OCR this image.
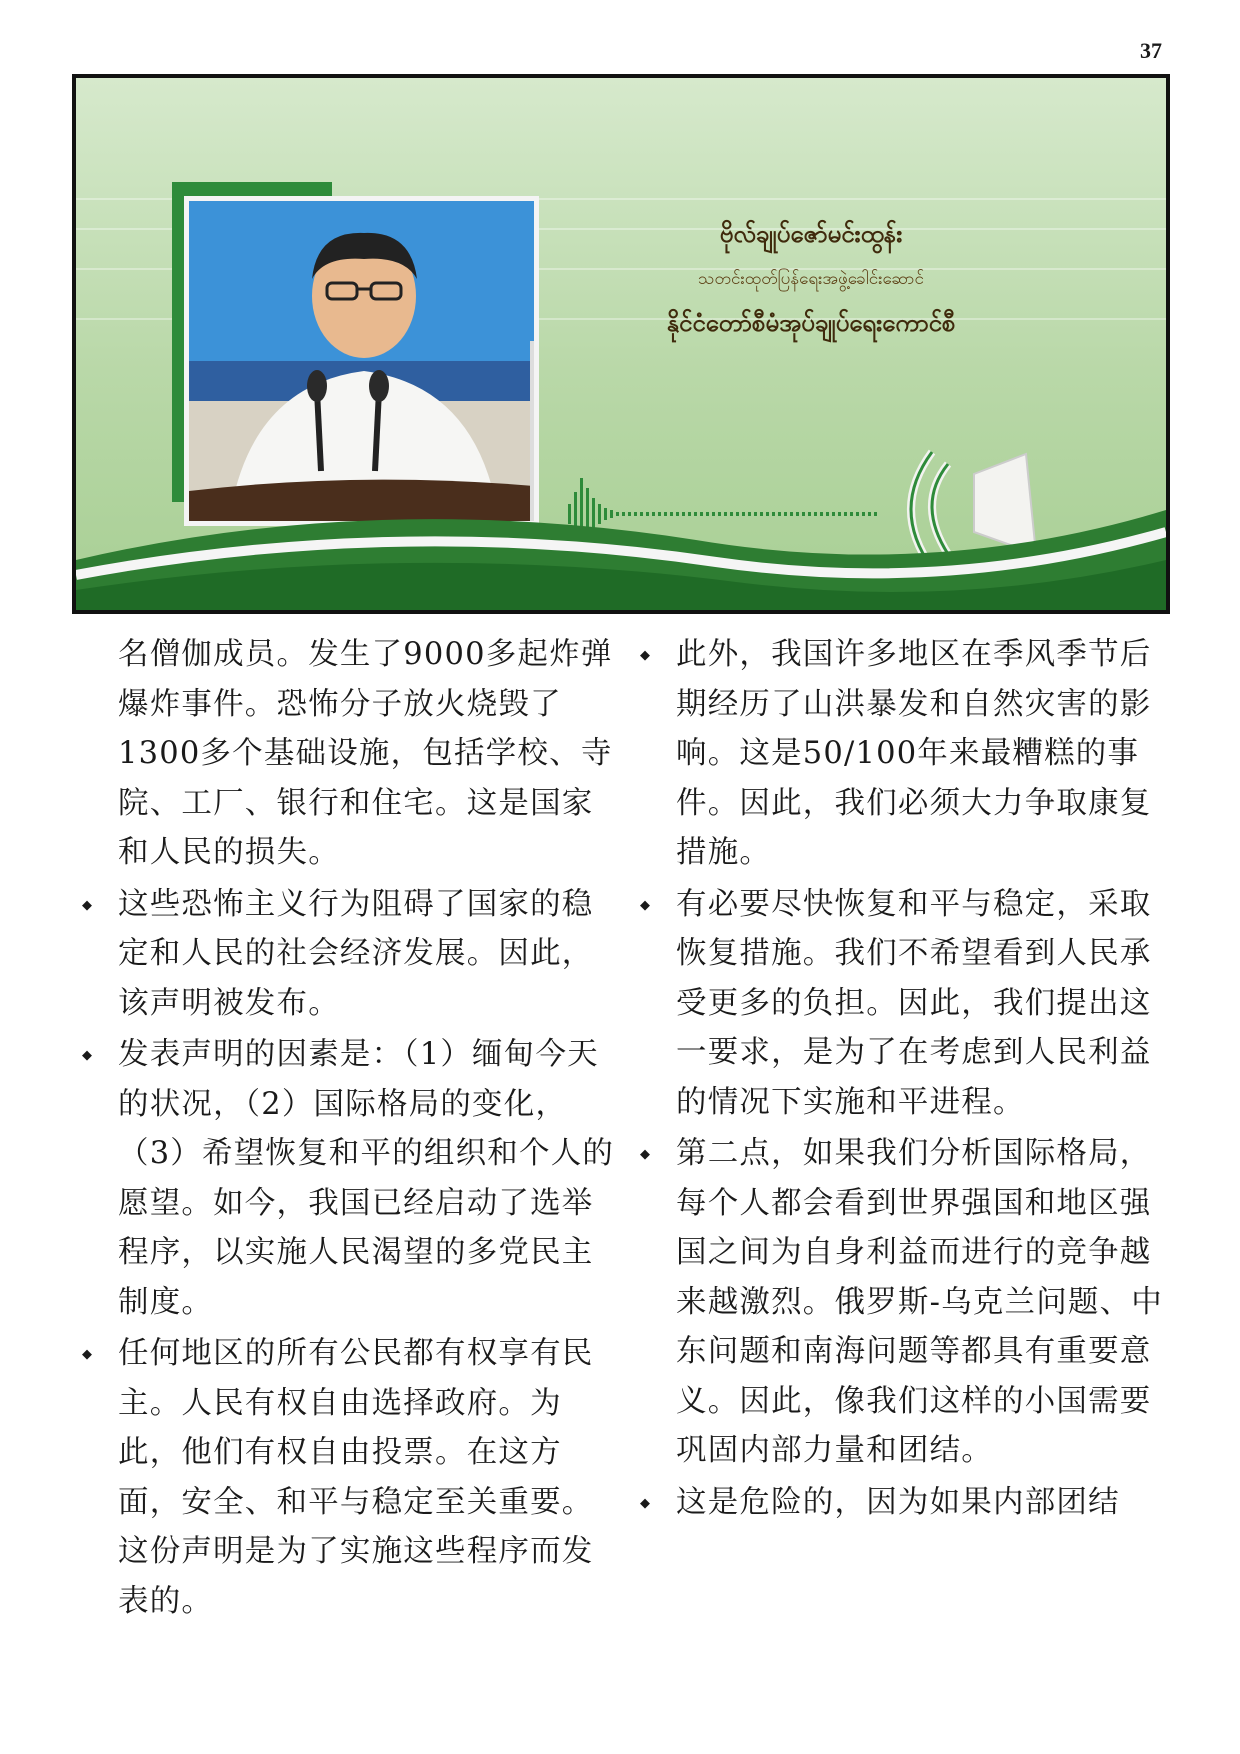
37
ဗိုလ်ချုပ်ဇော်မင်းထွန်း
သတင်းထုတ်ပြန်ရေးအဖွဲ့ခေါင်းဆောင်
နိုင်ငံတော်စီမံအုပ်ချုပ်ရေးကောင်စီ

名僧伽成员。发生了9000多起炸弹爆炸事件。恐怖分子放火烧毁了1300多个基础设施，包括学校、寺院、工厂、银行和住宅。这是国家和人民的损失。

◆ 这些恐怖主义行为阻碍了国家的稳定和人民的社会经济发展。因此，该声明被发布。

◆ 发表声明的因素是：（1）缅甸今天的状况，（2）国际格局的变化，（3）希望恢复和平的组织和个人的愿望。如今，我国已经启动了选举程序，以实施人民渴望的多党民主制度。

◆ 任何地区的所有公民都有权享有民主。人民有权自由选择政府。为此，他们有权自由投票。在这方面，安全、和平与稳定至关重要。这份声明是为了实施这些程序而发表的。

◆ 此外，我国许多地区在季风季节后期经历了山洪暴发和自然灾害的影响。这是50/100年来最糟糕的事件。因此，我们必须大力争取康复措施。

◆ 有必要尽快恢复和平与稳定，采取恢复措施。我们不希望看到人民承受更多的负担。因此，我们提出这一要求，是为了在考虑到人民利益的情况下实施和平进程。

◆ 第二点，如果我们分析国际格局，每个人都会看到世界强国和地区强国之间为自身利益而进行的竞争越来越激烈。俄罗斯-乌克兰问题、中东问题和南海问题等都具有重要意义。因此，像我们这样的小国需要巩固内部力量和团结。

◆ 这是危险的，因为如果内部团结
